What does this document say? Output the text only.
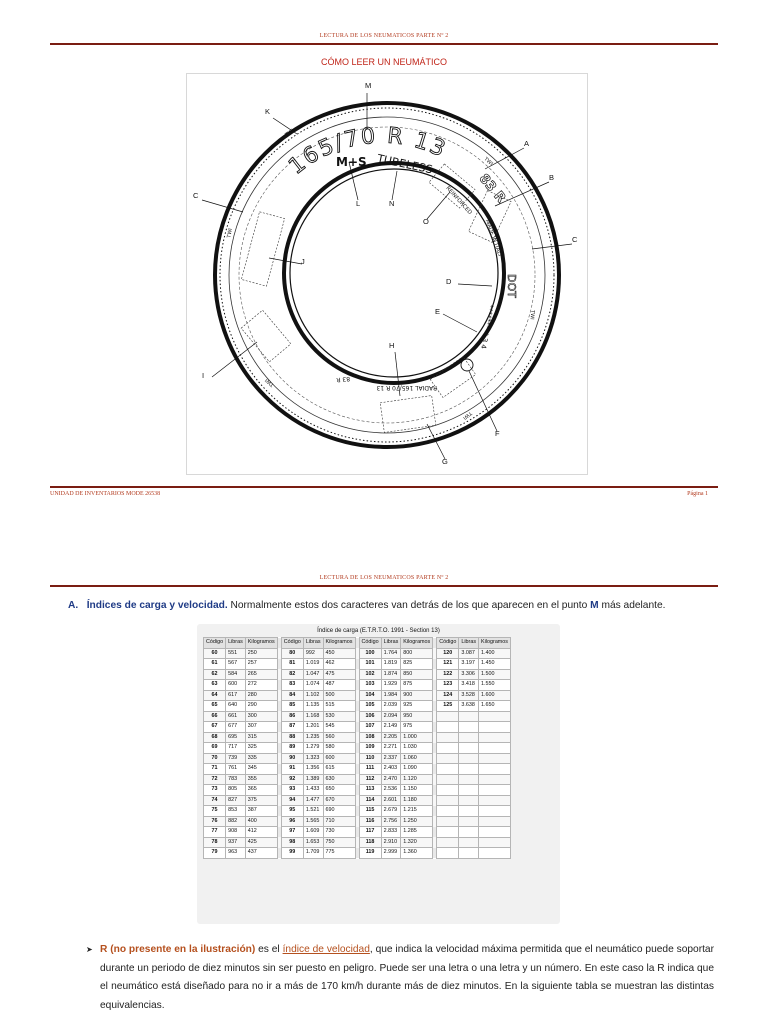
LECTURA DE LOS NEUMATICOS PARTE Nº 2
CÓMO LEER UN NEUMÁTICO
165/70 R 13
M+S TUBELESS
83 R
REINFORCED
MADE IN ITALY
DOT
********* 3 4
TWI
TWI
TWI
TWI
TWI
TWI
RADIAL 165/70 R 13
83 R
M
K
A
B
C
C
L	N
O
J
D
E
H
I
F
G
UNIDAD DE INVENTARIOS MODE 26538	Página 1
LECTURA DE LOS NEUMATICOS PARTE Nº 2
A. Índices de carga y velocidad. Normalmente estos dos caracteres van detrás de los que aparecen en el punto M más adelante.
Índice de carga (E.T.R.T.O. 1991 - Section 13)
Código	Libras	Kilogramos		Código	Libras	Kilogramos		Código	Libras	Kilogramos		Código	Libras	Kilogramos
60	551	250		80	992	450		100	1.764	800		120	3.087	1.400
61	567	257		81	1.019	462		101	1.819	825		121	3.197	1.450
62	584	265		82	1.047	475		102	1.874	850		122	3.306	1.500
63	600	272		83	1.074	487		103	1.929	875		123	3.418	1.550
64	617	280		84	1.102	500		104	1.984	900		124	3.528	1.600
65	640	290		85	1.135	515		105	2.039	925		125	3.638	1.650
66	661	300		86	1.168	530		106	2.094	950				
67	677	307		87	1.201	545		107	2.149	975				
68	695	315		88	1.235	560		108	2.205	1.000				
69	717	325		89	1.279	580		109	2.271	1.030				
70	739	335		90	1.323	600		110	2.337	1.060				
71	761	345		91	1.356	615		111	2.403	1.090				
72	783	355		92	1.389	630		112	2.470	1.120				
73	805	365		93	1.433	650		113	2.536	1.150				
74	827	375		94	1.477	670		114	2.601	1.180				
75	853	387		95	1.521	690		115	2.679	1.215				
76	882	400		96	1.565	710		116	2.756	1.250				
77	908	412		97	1.609	730		117	2.833	1.285				
78	937	425		98	1.653	750		118	2.910	1.320				
79	963	437		99	1.709	775		119	2.999	1.360				
➤ R (no presente en la ilustración) es el índice de velocidad, que indica la velocidad máxima permitida que el neumático puede soportar durante un periodo de diez minutos sin ser puesto en peligro. Puede ser una letra o una letra y un número. En este caso la R indica que el neumático está diseñado para no ir a más de 170 km/h durante más de diez minutos. En la siguiente tabla se muestran las distintas equivalencias.
